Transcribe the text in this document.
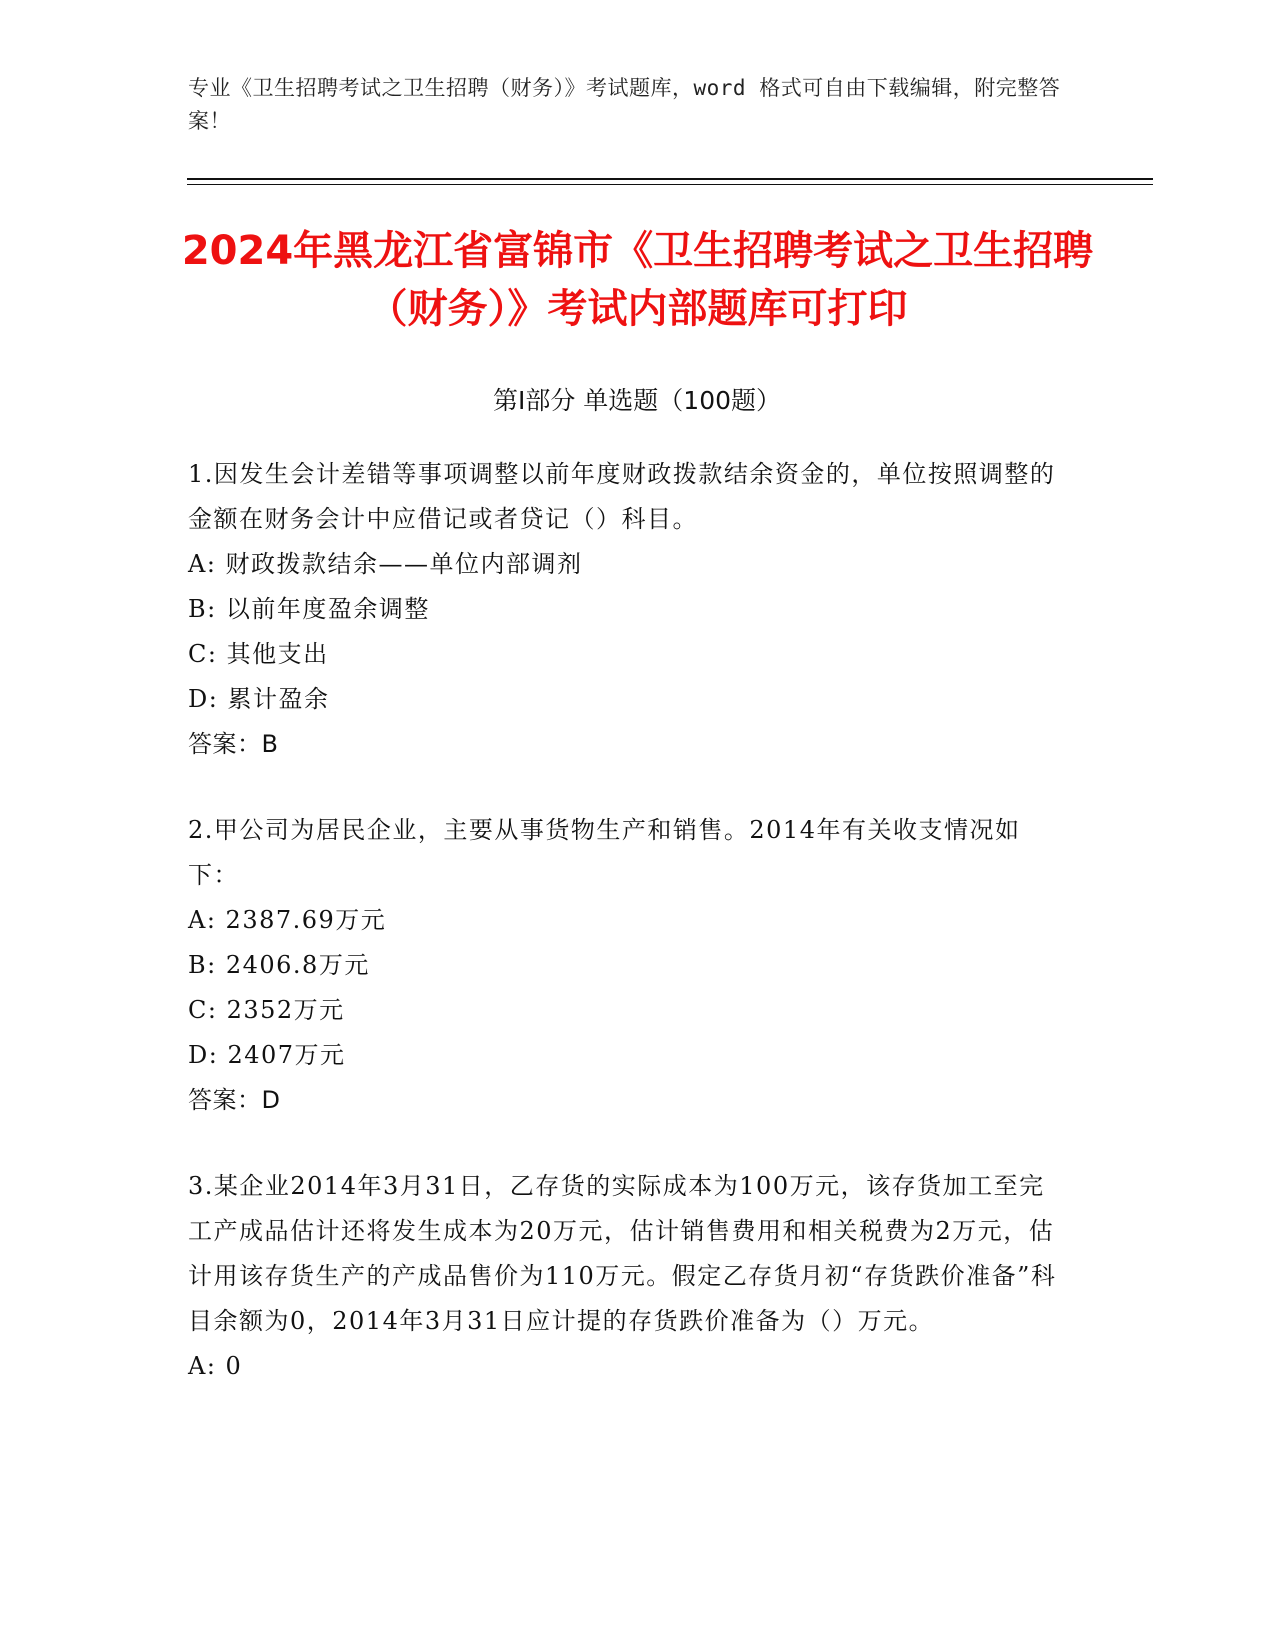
专业《卫生招聘考试之卫生招聘（财务）》考试题库，word 格式可自由下载编辑，附完整答案！
2024年黑龙江省富锦市《卫生招聘考试之卫生招聘（财务）》考试内部题库可打印
第Ⅰ部分 单选题（100题）

1.因发生会计差错等事项调整以前年度财政拨款结余资金的，单位按照调整的金额在财务会计中应借记或者贷记（）科目。

A: 财政拨款结余——单位内部调剂

B: 以前年度盈余调整

C: 其他支出

D: 累计盈余

答案：B

2.甲公司为居民企业，主要从事货物生产和销售。2014年有关收支情况如下：

A: 2387.69万元

B: 2406.8万元

C: 2352万元

D: 2407万元

答案：D

3.某企业2014年3月31日，乙存货的实际成本为100万元，该存货加工至完工产成品估计还将发生成本为20万元，估计销售费用和相关税费为2万元，估计用该存货生产的产成品售价为110万元。假定乙存货月初“存货跌价准备”科目余额为0，2014年3月31日应计提的存货跌价准备为（）万元。

A: 0
